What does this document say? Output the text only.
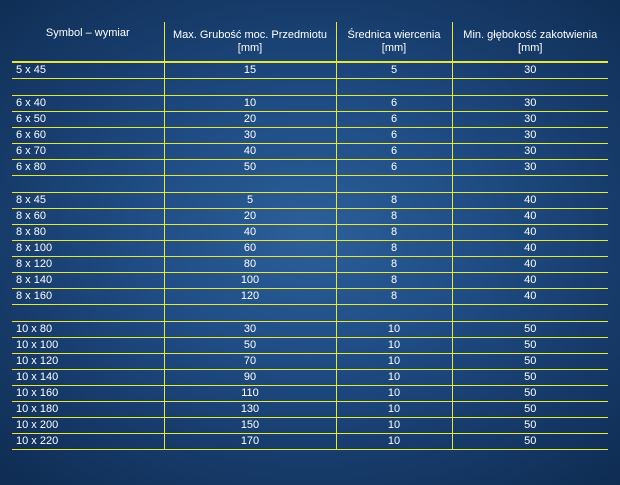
Symbol – wymiar	Max. Grubość moc. Przedmiotu [mm]	Średnica wiercenia [mm]	Min. głębokość zakotwienia [mm]
5 x 45	15	5	30

6 x 40	10	6	30
6 x 50	20	6	30
6 x 60	30	6	30
6 x 70	40	6	30
6 x 80	50	6	30

8 x 45	5	8	40
8 x 60	20	8	40
8 x 80	40	8	40
8 x 100	60	8	40
8 x 120	80	8	40
8 x 140	100	8	40
8 x 160	120	8	40

10 x 80	30	10	50
10 x 100	50	10	50
10 x 120	70	10	50
10 x 140	90	10	50
10 x 160	110	10	50
10 x 180	130	10	50
10 x 200	150	10	50
10 x 220	170	10	50
